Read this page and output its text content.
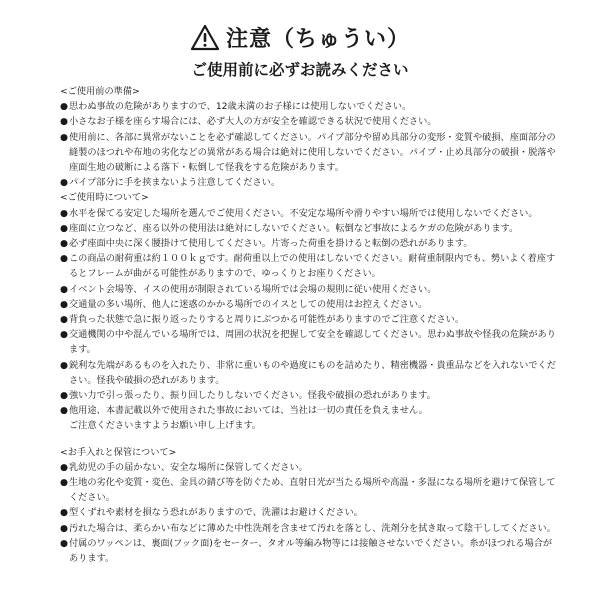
注意（ちゅうい）
ご使用前に必ずお読みください

<ご使用前の準備>

● 思わぬ事故の危険がありますので、12歳未満のお子様には使用しないでください。
● 小さなお子様を座らす場合には、必ず大人の方が安全を確認できる状況で使用ください。
● 使用前に、各部に異常がないことを必ず確認してください。パイプ部分や留め具部分の変形・変質や破損、座面部分の縫製のほつれや布地の劣化などの異常がある場合は絶対に使用しないでください。パイプ・止め具部分の破損・脱落や座面生地の破断による落下・転倒して怪我をする危険があります。
● パイプ部分に手を挟まないよう注意してください。

<ご使用時について>

● 水平を保てる安定した場所を選んでご使用ください。不安定な場所や滑りやすい場所では使用しないでください。
● 座面に立つなど、座る以外の使用法は絶対にしないでください。転倒など事故によるケガの危険があります。
● 必ず座面中央に深く腰掛けて使用してください。片寄った荷重を掛けると転倒の恐れがあります。
● この商品の耐荷重は約１００ｋｇです。耐荷重以上での使用はしないでください。耐荷重制限内でも、勢いよく着座するとフレームが曲がる可能性がありますので、ゆっくりとお座りください。
● イベント会場等、イスの使用が制限されている場所では会場の規則に従い使用ください。
● 交通量の多い場所、他人に迷惑のかかる場所でのイスとしての使用はお控えください。
● 背負った状態で急に振り返ったりすると周りにぶつかる可能性がありますのでご注意ください。
● 交通機関の中や混んでいる場所では、周囲の状況を把握して安全を確認してください。思わぬ事故や怪我の危険があります。
● 鋭利な先端があるものを入れたり、非常に重いものや過度にものを詰めたり、精密機器・貴重品などを入れないでください。怪我や破損の恐れがあります。
● 強い力で引っ張ったり、振り回したりしないでください。怪我や破損の恐れがあります。
● 他用途、本書記載以外で使用された事故においては、当社は一切の責任を負えません。

ご注意くださいますようお願い申し上げます。

<お手入れと保管について>

● 乳幼児の手の届かない、安全な場所に保管してください。
● 生地の劣化や変質・変色、金具の錆び等を防ぐため、直射日光が当たる場所や高温・多湿になる場所を避けて保管してください。
● 型くずれや素材を損なう恐れがありますので、洗濯はお避けください。
● 汚れた場合は、柔らかい布などに薄めた中性洗剤を含ませて汚れを落とし、洗剤分を拭き取って陰干ししてください。
● 付属のワッペンは、裏面(フック面)をセーター、タオル等編み物等には接触させないでください。糸がほつれる場合があります。
